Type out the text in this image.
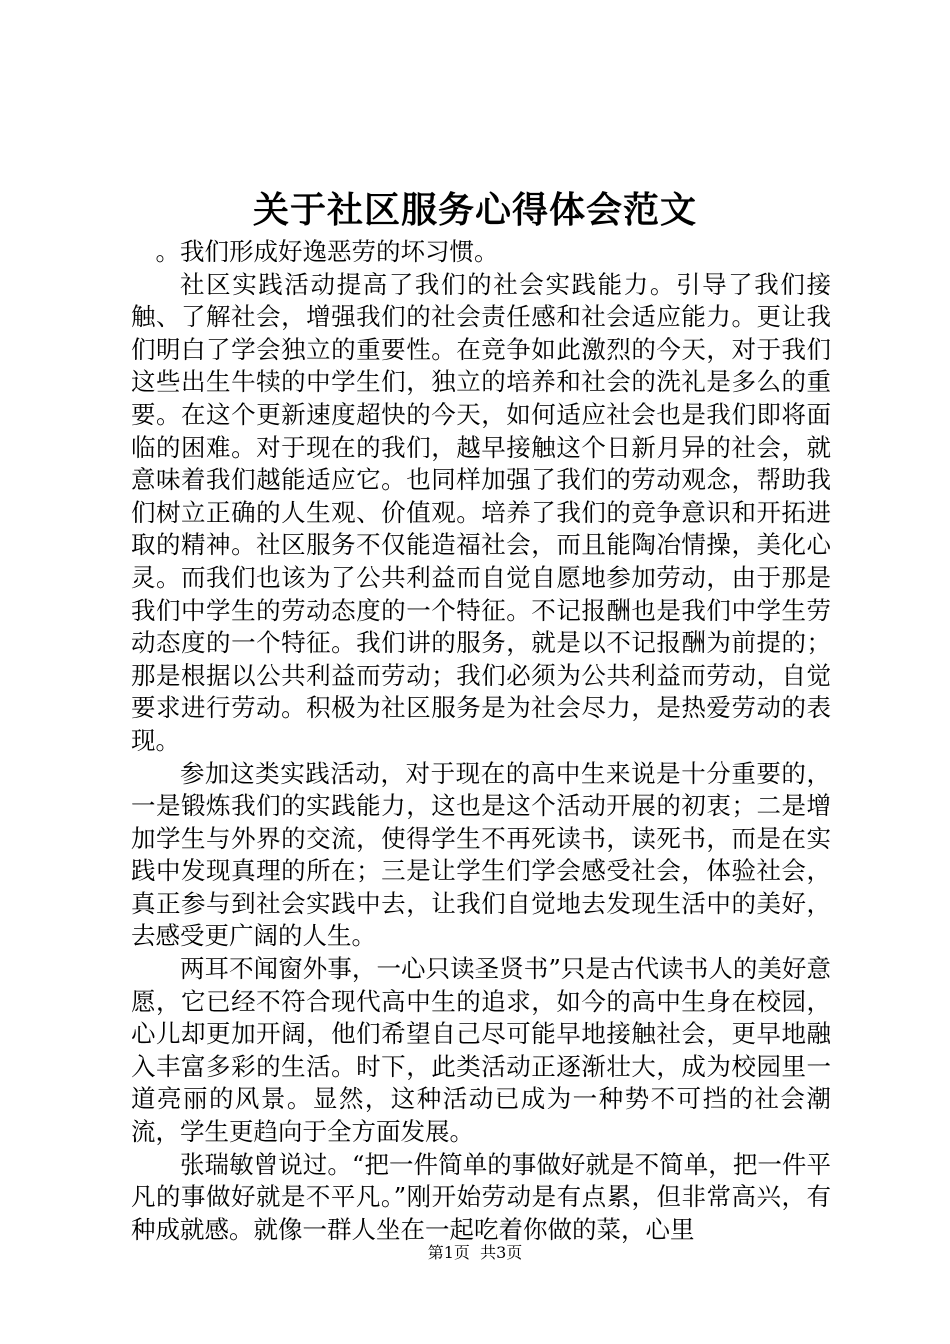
关于社区服务心得体会范文

。我们形成好逸恶劳的坏习惯。

社区实践活动提高了我们的社会实践能力。引导了我们接触、了解社会，增强我们的社会责任感和社会适应能力。更让我们明白了学会独立的重要性。在竞争如此激烈的今天，对于我们这些出生牛犊的中学生们，独立的培养和社会的洗礼是多么的重要。在这个更新速度超快的今天，如何适应社会也是我们即将面临的困难。对于现在的我们，越早接触这个日新月异的社会，就意味着我们越能适应它。也同样加强了我们的劳动观念，帮助我们树立正确的人生观、价值观。培养了我们的竞争意识和开拓进取的精神。社区服务不仅能造福社会，而且能陶冶情操，美化心灵。而我们也该为了公共利益而自觉自愿地参加劳动，由于那是我们中学生的劳动态度的一个特征。不记报酬也是我们中学生劳动态度的一个特征。我们讲的服务，就是以不记报酬为前提的；那是根据以公共利益而劳动；我们必须为公共利益而劳动，自觉要求进行劳动。积极为社区服务是为社会尽力，是热爱劳动的表现。

参加这类实践活动，对于现在的高中生来说是十分重要的，一是锻炼我们的实践能力，这也是这个活动开展的初衷；二是增加学生与外界的交流，使得学生不再死读书，读死书，而是在实践中发现真理的所在；三是让学生们学会感受社会，体验社会，真正参与到社会实践中去，让我们自觉地去发现生活中的美好，去感受更广阔的人生。

两耳不闻窗外事，一心只读圣贤书”只是古代读书人的美好意愿，它已经不符合现代高中生的追求，如今的高中生身在校园，心儿却更加开阔，他们希望自己尽可能早地接触社会，更早地融入丰富多彩的生活。时下，此类活动正逐渐壮大，成为校园里一道亮丽的风景。显然，这种活动已成为一种势不可挡的社会潮流，学生更趋向于全方面发展。

张瑞敏曾说过。“把一件简单的事做好就是不简单，把一件平凡的事做好就是不平凡。”刚开始劳动是有点累，但非常高兴，有种成就感。就像一群人坐在一起吃着你做的菜，心里

第1页  共3页
